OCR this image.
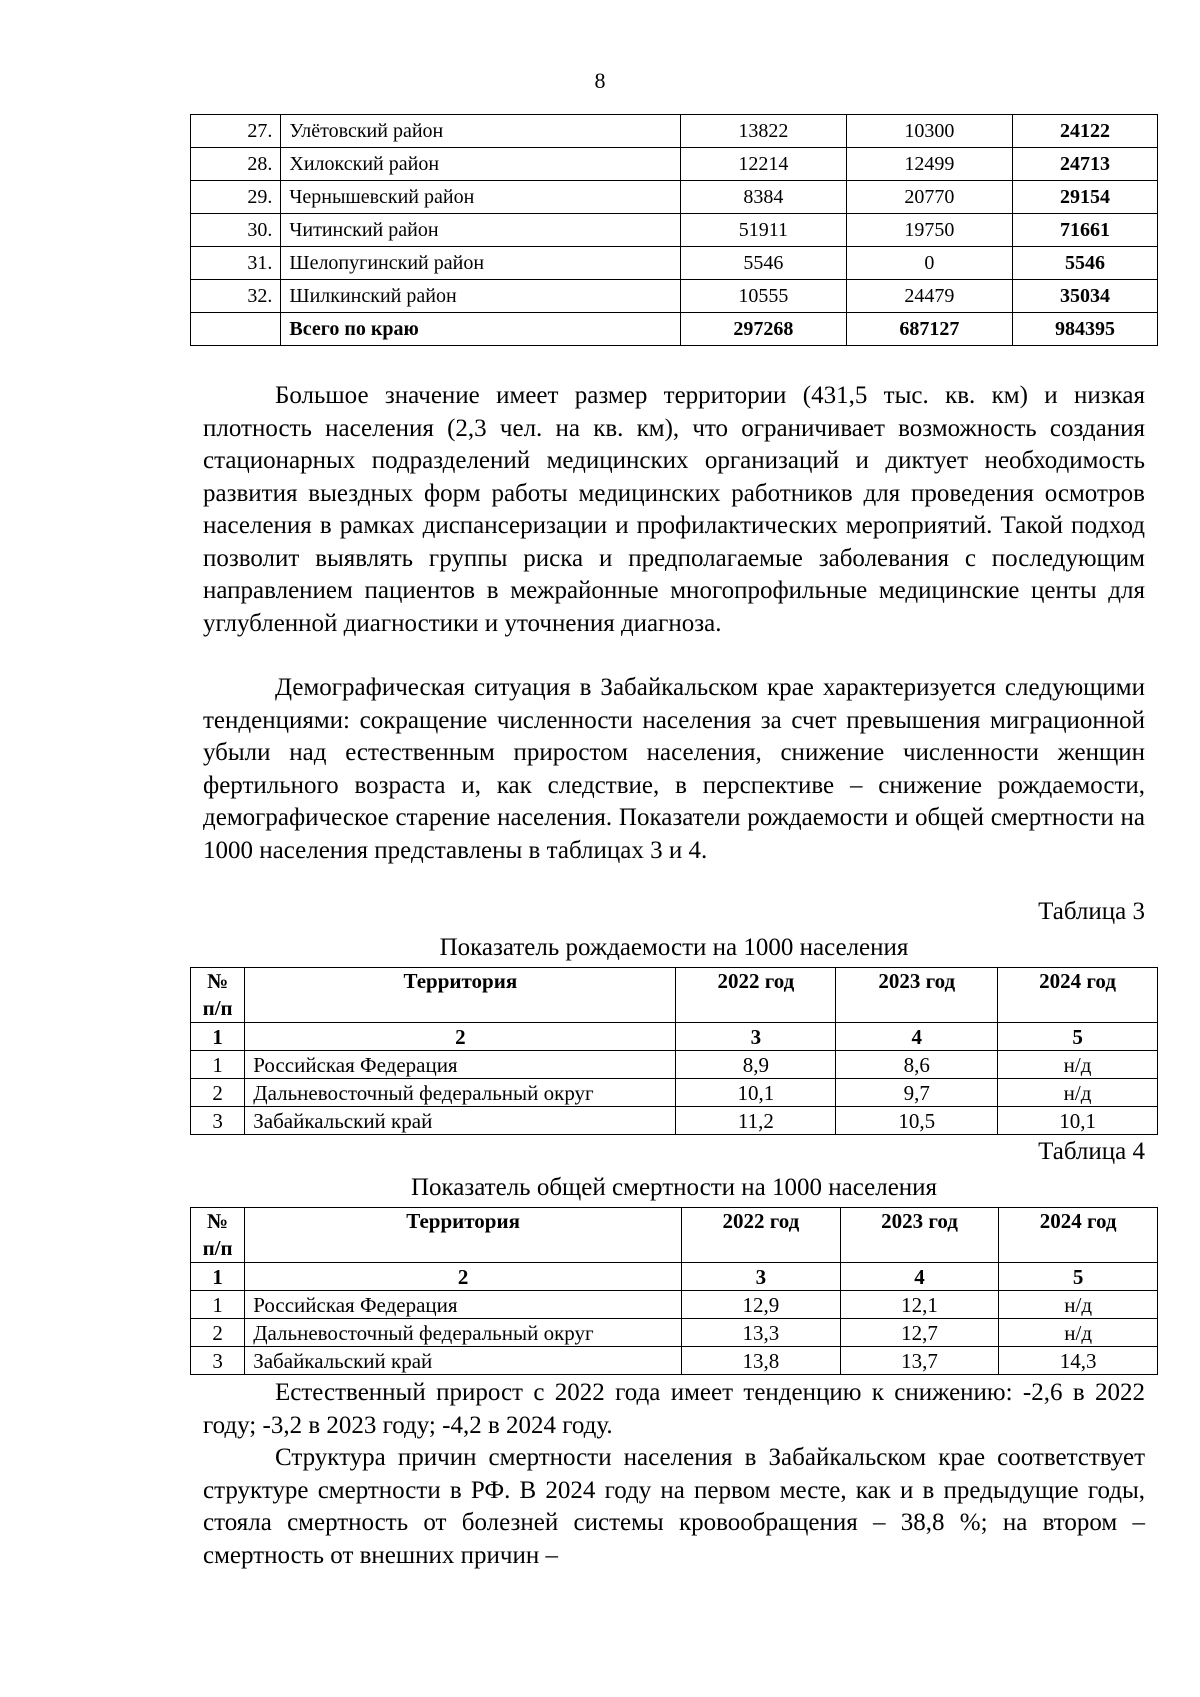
8
27.	Улётовский район	13822	10300	24122
28.	Хилокский район	12214	12499	24713
29.	Чернышевский район	8384	20770	29154
30.	Читинский район	51911	19750	71661
31.	Шелопугинский район	5546	0	5546
32.	Шилкинский район	10555	24479	35034
	Всего по краю	297268	687127	984395

Большое значение имеет размер территории (431,5 тыс. кв. км) и низкая плотность населения (2,3 чел. на кв. км), что ограничивает возможность создания стационарных подразделений медицинских организаций и диктует необходимость развития выездных форм работы медицинских работников для проведения осмотров населения в рамках диспансеризации и профилактических мероприятий. Такой подход позволит выявлять группы риска и предполагаемые заболевания с последующим направлением пациентов в межрайонные многопрофильные медицинские центы для углубленной диагностики и уточнения диагноза.

Демографическая ситуация в Забайкальском крае характеризуется следующими тенденциями: сокращение численности населения за счет превышения миграционной убыли над естественным приростом населения, снижение численности женщин фертильного возраста и, как следствие, в перспективе – снижение рождаемости, демографическое старение населения. Показатели рождаемости и общей смертности на 1000 населения представлены в таблицах 3 и 4.

Таблица 3
Показатель рождаемости на 1000 населения
№
п/п	Территория	2022 год	2023 год	2024 год
1	2	3	4	5
1	Российская Федерация	8,9	8,6	н/д
2	Дальневосточный федеральный округ	10,1	9,7	н/д
3	Забайкальский край	11,2	10,5	10,1
Таблица 4
Показатель общей смертности на 1000 населения
№
п/п	Территория	2022 год	2023 год	2024 год
1	2	3	4	5
1	Российская Федерация	12,9	12,1	н/д
2	Дальневосточный федеральный округ	13,3	12,7	н/д
3	Забайкальский край	13,8	13,7	14,3

Естественный прирост с 2022 года имеет тенденцию к снижению: -2,6 в 2022 году; -3,2 в 2023 году; -4,2 в 2024 году.

Структура причин смертности населения в Забайкальском крае соответствует структуре смертности в РФ. В 2024 году на первом месте, как и в предыдущие годы, стояла смертность от болезней системы кровообращения – 38,8 %; на втором – смертность от внешних причин –
